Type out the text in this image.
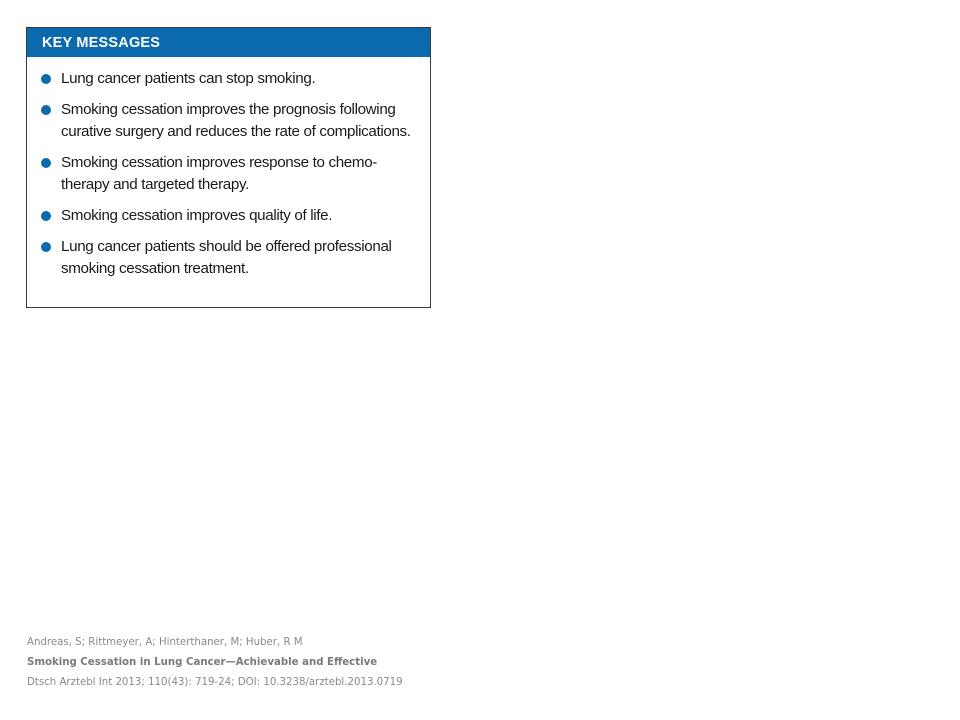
KEY MESSAGES
Lung cancer patients can stop smoking.
Smoking cessation improves the prognosis following
curative surgery and reduces the rate of complications.
Smoking cessation improves response to chemo-
therapy and targeted therapy.
Smoking cessation improves quality of life.
Lung cancer patients should be offered professional
smoking cessation treatment.
Andreas, S; Rittmeyer, A; Hinterthaner, M; Huber, R M
Smoking Cessation in Lung Cancer—Achievable and Effective
Dtsch Arztebl Int 2013; 110(43): 719-24; DOI: 10.3238/arztebl.2013.0719
